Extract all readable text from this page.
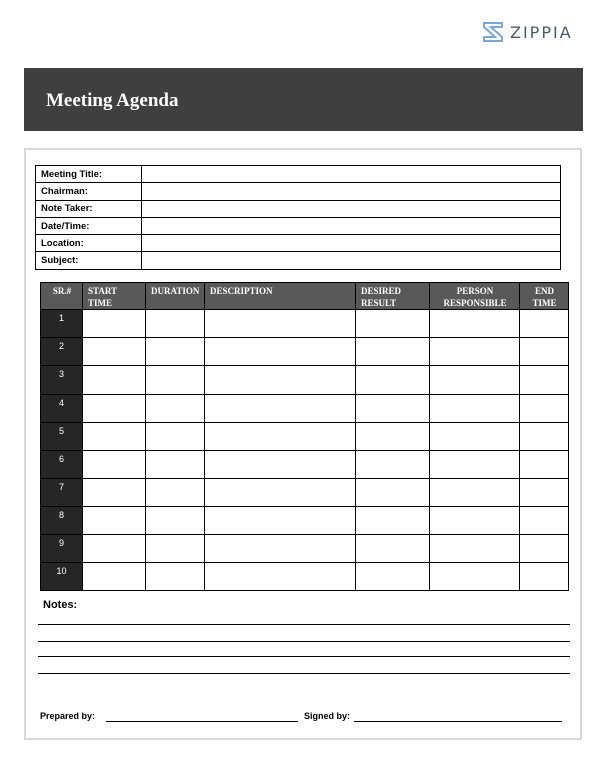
ZIPPIA
Meeting Agenda
Meeting Title:	
Chairman:	
Note Taker:	
Date/Time:	
Location:	
Subject:	
SR.#	START TIME	DURATION	DESCRIPTION	DESIRED RESULT	PERSON RESPONSIBLE	END TIME
1						
2						
3						
4						
5						
6						
7						
8						
9						
10						
Notes:
Prepared by:	Signed by:
